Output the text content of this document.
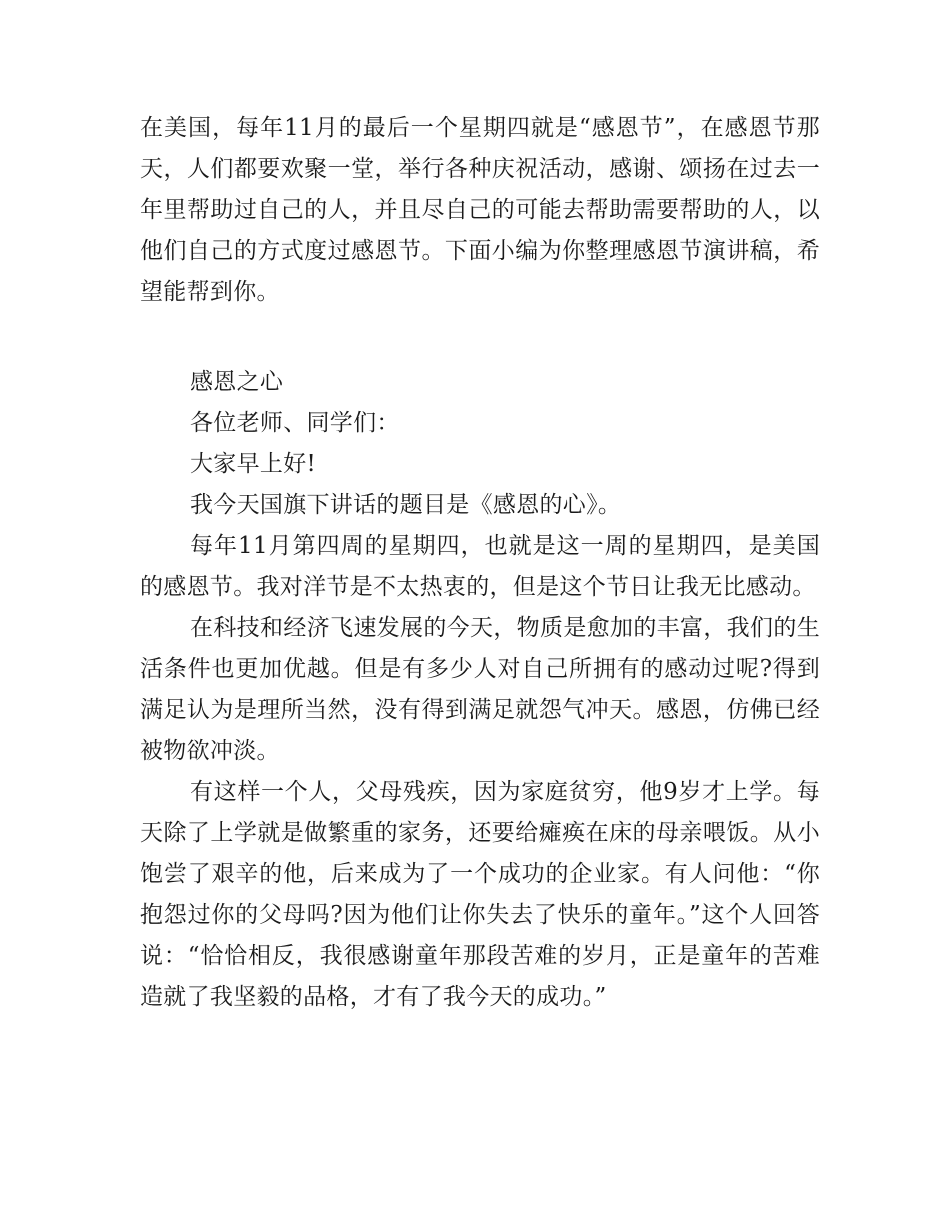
在美国，每年11月的最后一个星期四就是“感恩节”，在感恩节那天，人们都要欢聚一堂，举行各种庆祝活动，感谢、颂扬在过去一年里帮助过自己的人，并且尽自己的可能去帮助需要帮助的人，以他们自己的方式度过感恩节。下面小编为你整理感恩节演讲稿，希望能帮到你。

感恩之心

各位老师、同学们：

大家早上好!

我今天国旗下讲话的题目是《感恩的心》。

每年11月第四周的星期四，也就是这一周的星期四，是美国的感恩节。我对洋节是不太热衷的，但是这个节日让我无比感动。

在科技和经济飞速发展的今天，物质是愈加的丰富，我们的生活条件也更加优越。但是有多少人对自己所拥有的感动过呢?得到满足认为是理所当然，没有得到满足就怨气冲天。感恩，仿佛已经被物欲冲淡。

有这样一个人，父母残疾，因为家庭贫穷，他9岁才上学。每天除了上学就是做繁重的家务，还要给瘫痪在床的母亲喂饭。从小饱尝了艰辛的他，后来成为了一个成功的企业家。有人问他：“你抱怨过你的父母吗?因为他们让你失去了快乐的童年。”这个人回答说：“恰恰相反，我很感谢童年那段苦难的岁月，正是童年的苦难造就了我坚毅的品格，才有了我今天的成功。”
